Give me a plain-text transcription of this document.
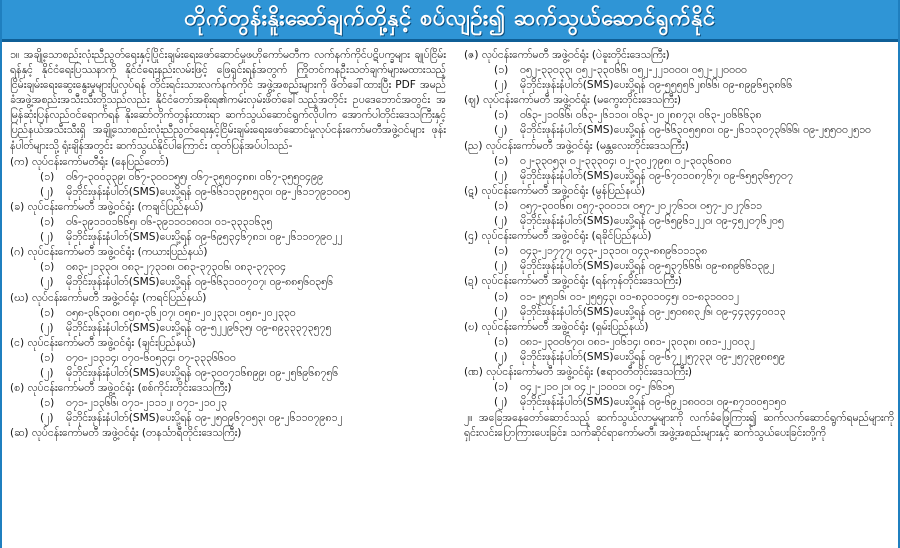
တိုက်တွန်းနိူးဆော်ချက်တို့နှင့် စပ်လျဉ်း၍ ဆက်သွယ်ဆောင်ရွက်နိုင်
၁။ အချို့သောစည်းလုံးညီညွတ်ရေးနှင့်ပြိုင်းချမ်းရေးဖော်ဆောင်မှုဖဟိုကော်မတီက လက်နက်ကိုင်ပဋိပက္ခများ ချုပ်ငြိမ်းရန်နှင့် နိုင်ငံရေးပြဿနာကို နိုင်ငံရေးနည်းလမ်းဖြင့် ဖြေရှင်းရန်အတွက် ကြိုတင်ကနဦးသတ်ချက်များမထားသည့် ငြိမ်းချမ်းရေးဆွေးနွေးမှုများပြုလုပ်ရန် တိုင်းရင်းသားလက်နက်ကိုင် အဖွဲ့အစည်းများကို ဖိတ်ခေါ်ထားပြီး PDF အမည်ခံအဖွဲ့အစည်းအသီးသီးတို့သည်လည်း နိုင်ငံတော်အစိုးရ၏ကမ်းလှမ်းဖိတ်ခေါ်သည့်အတိုင်း ဥပဒေဘောင်အတွင်း အမြန်ဆုံးပြန်လည်ဝင်ရောက်ရန် နိုးဆော်တိုက်တွန်းထားရာ ဆက်သွယ်ဆောင်ရွက်လိုပါက အောက်ပါတိုင်းဒေသကြီးနှင့် ပြည်နယ်အသီးသီးရှိ အချို့သောစည်းလုံးညီညွတ်ရေးနှင့်ငြိမ်းချမ်းရေးဖော်ဆောင်မှုလုပ်ငန်းကော်မတီအဖွဲ့ဝင်များ ဖုန်းနံပါတ်များသို့ ရုံးချိန်အတွင်း ဆက်သွယ်နိုင်ပါကြောင်း ထုတ်ပြန်အပ်ပါသည်-
(က) လုပ်ငန်းကော်မတီရုံး (နေပြည်တော်)
(၁) ၀၆၇-၃၀၀၃၃၉၊ ၀၆၇-၃၀၀၁၅၅၊ ၀၆၇-၃၅၅၀၄၈၈၊ ၀၆၇-၃၅၅၀၄၉၉
(၂) မိုဘိုင်းဖုန်းနံပါတ်(SMS)ပေးပို့ရန် ၀၉-၆၆၁၁၃၉၈၅၃၀၊ ၀၉-၂၆၁၁၇၉၁၀၀၅
(ခ) လုပ်ငန်းကော်မတီ အဖွဲ့ဝင်ရုံး (ကချင်ပြည်နယ်)
(၁) ၀၆-၃၉၁၁၀၁၆၆၅၊ ၀၆-၃၉၁၁၀၁၈၀၁၊ ၀၁-၃၃၃၁၆၃၅
(၂) မိုဘိုင်းဖုန်းနံပါတ်(SMS)ပေးပို့ရန် ၀၉-၆၉၅၃၄၆၇၈၁၊ ၀၉-၂၆၁၁၀၇၉၀၂၂
(ဂ) လုပ်ငန်းကော်မတီ အဖွဲ့ဝင်ရုံး (ကယားပြည်နယ်)
(၁) ၀၈၃-၂၁၃၃၀၊ ၀၈၃-၂၇၃၁၈၊ ၀၈၃-၃၇၃၀၆၊ ၀၈၃-၃၇၃၀၄
(၂) မိုဘိုင်းဖုန်းနံပါတ်(SMS)ပေးပို့ရန် ၀၉-၆၆၃၁၀၀၇၀၇၊ ၀၉-၈၈၅၆၀၃၅၆
(ဃ) လုပ်ငန်းကော်မတီ အဖွဲ့ဝင်ရုံး (ကရင်ပြည်နယ်)
(၁) ၀၅၈-၃၆၃၀၈၊ ၀၅၈-၃၆၂၀၇၊ ၀၅၈-၂၀၂၃၃၁၊ ၀၅၈-၂၀၂၃၃၀
(၂) မိုဘိုင်းဖုန်းနံပါတ်(SMS)ပေးပို့ရန် ၀၉-၅၂၂၉၆၃၅၊ ၀၉-၈၉၃၃၃၇၃၅၇၅
(င) လုပ်ငန်းကော်မတီ အဖွဲ့ဝင်ရုံး (ချင်းပြည်နယ်)
(၁) ၀၇၀-၂၁၃၁၄၊ ၀၇၀-၆၀၅၃၄၊ ၀၇-၃၃၃၆၆၀၀
(၂) မိုဘိုင်းဖုန်းနံပါတ်(SMS)ပေးပို့ရန် ၀၉-၃၀၀၇၁၆၈၉၉၊ ၀၉-၂၅၆၉၆၈၇၅၆
(စ) လုပ်ငန်းကော်မတီ အဖွဲ့ဝင်ရုံး (စစ်ကိုင်းတိုင်းဒေသကြီး)
(၁) ၀၇၁-၂၁၃၆၆၊ ၀၇၁-၂၁၁၁၂၊ ၀၇၁-၂၁၀၂၃
(၂) မိုဘိုင်းဖုန်းနံပါတ်(SMS)ပေးပို့ရန် ၀၉-၂၅၀၉၆၇၀၅၃၊ ၀၉-၂၆၁၁၀၇၉၈၁၂
(ဆ) လုပ်ငန်းကော်မတီ အဖွဲ့ဝင်ရုံး (တနင်္သာရီတိုင်းဒေသကြီး)
(ဇ) လုပ်ငန်းကော်မတီ အဖွဲ့ဝင်ရုံး (ပဲခူးတိုင်းဒေသကြီး)
(၁) ၀၅၂-၃၃၀၃၃၊ ၀၅၂-၃၃၀၆၆၊ ၀၅၂-၂၂၁၀၀၀၊ ၀၅၂-၂၂၀၀၀၀
(၂) မိုဘိုင်းဖုန်းနံပါတ်(SMS)ပေးပို့ရန် ၀၉-၅၅၅၅၆၂၈၆၆၊ ၀၉-၈၉၉၆၅၃၈၆၆
(ဈ) လုပ်ငန်းကော်မတီ အဖွဲ့ဝင်ရုံး (မကွေးတိုင်းဒေသကြီး)
(၁) ၀၆၃-၂၁၀၆၆၊ ၀၆၃-၂၆၁၁၀၊ ၀၆၃-၂၀၂၈၈၇၃၊ ၀၆၃-၂၀၆၆၆၃၈
(၂) မိုဘိုင်းဖုန်းနံပါတ်(SMS)ပေးပို့ရန် ၀၉-၆၆၃၀၅၅၈၀၊ ၀၉-၂၆၁၁၃၀၇၃၆၆၆၊ ၀၉-၂၅၅၀၀၂၅၁၀
(ည) လုပ်ငန်းကော်မတီ အဖွဲ့ဝင်ရုံး (မန္တလေးတိုင်းဒေသကြီး)
(၁) ၀၂-၃၃၀၅၃၊ ၀၂-၃၃၃၀၄၊ ၀၂-၃၀၂၇၉၈၊ ၀၂-၃၀၃၆၀၈၀
(၂) မိုဘိုင်းဖုန်းနံပါတ်(SMS)ပေးပို့ရန် ၀၉-၆၇၀၁၀၈၇၆၇၊ ၀၉-၆၅၅၃၆၅၇၀၇
(ဋ) လုပ်ငန်းကော်မတီ အဖွဲ့ဝင်ရုံး (မွန်ပြည်နယ်)
(၁) ၀၅၇-၃၀၀၆၈၊ ၀၅၇-၃၀၀၁၁၊ ၀၅၇-၂၀၂၇၆၁၀၊ ၀၅၇-၂၀၂၇၆၁၁
(၂) မိုဘိုင်းဖုန်းနံပါတ်(SMS)ပေးပို့ရန် ၀၉-၆၅၉၆၁၂၂၀၊ ၀၉-၄၅၂၀၇၆၂၀၅
(ဌ) လုပ်ငန်းကော်မတီ အဖွဲ့ဝင်ရုံး (ရခိုင်ပြည်နယ်)
(၁) ၀၄၃-၂၁၇၇၇၊ ၀၄၃-၂၁၃၁၀၊ ၀၄၃-၈၈၉၆၁၁၁၃၈
(၂) မိုဘိုင်းဖုန်းနံပါတ်(SMS)ပေးပို့ရန် ၀၉-၅၃၇၆၆၆၊ ၀၉-၈၈၉၆၆၁၃၉၂
(ဍ) လုပ်ငန်းကော်မတီ အဖွဲ့ဝင်ရုံး (ရန်ကုန်တိုင်းဒေသကြီး)
(၁) ၀၁-၂၅၅၁၆၊ ၀၁-၂၅၅၄၃၊ ၀၁-၈၃၀၁၀၄၅၊ ၀၁-၈၃၁၀၀၁၂
(၂) မိုဘိုင်းဖုန်းနံပါတ်(SMS)ပေးပို့ရန် ၀၉-၂၅၀၈၈၃၂၆၊ ၀၉-၄၄၃၄၄၀၀၁၃
(ဎ) လုပ်ငန်းကော်မတီ အဖွဲ့ဝင်ရုံး (ရှမ်းပြည်နယ်)
(၁) ၀၈၁-၂၃၀၀၆၇၀၊ ၀၈၁-၂၀၆၁၄၊ ၀၈၁-၂၃၀၃၈၊ ၀၈၁-၂၂၀၀၃၂
(၂) မိုဘိုင်းဖုန်းနံပါတ်(SMS)ပေးပို့ရန် ၀၉-၆၇၂၂၅၇၃၃၊ ၀၉-၂၅၇၃၉၈၈၅၉
(ဏ) လုပ်ငန်းကော်မတီ အဖွဲ့ဝင်ရုံး (ဧရာဝတီတိုင်းဒေသကြီး)
(၁) ၀၄၂-၂၁၀၂၁၊ ၀၄၂-၂၁၀၀၁၊ ၀၄-၂၆၆၁၅
(၂) မိုဘိုင်းဖုန်းနံပါတ်(SMS)ပေးပို့ရန် ၀၉-၆၉၂၁၈၀၀၁၊ ၀၉-၈၇၁၀၀၅၁၅၀
၂။ အခြေအနေတော်ဆောင်သည့် ဆက်သွယ်လာမှုများကို လက်ခံဖြေကြား၍ ဆက်လက်ဆောင်ရွက်ရမည်များကို ရှင်းလင်းပြောကြားပေးခြင်း၊ သက်ဆိုင်ရာကော်မတီ၊ အဖွဲ့အစည်းများနှင့် ဆက်သွယ်ပေးခြင်းတို့ကို
